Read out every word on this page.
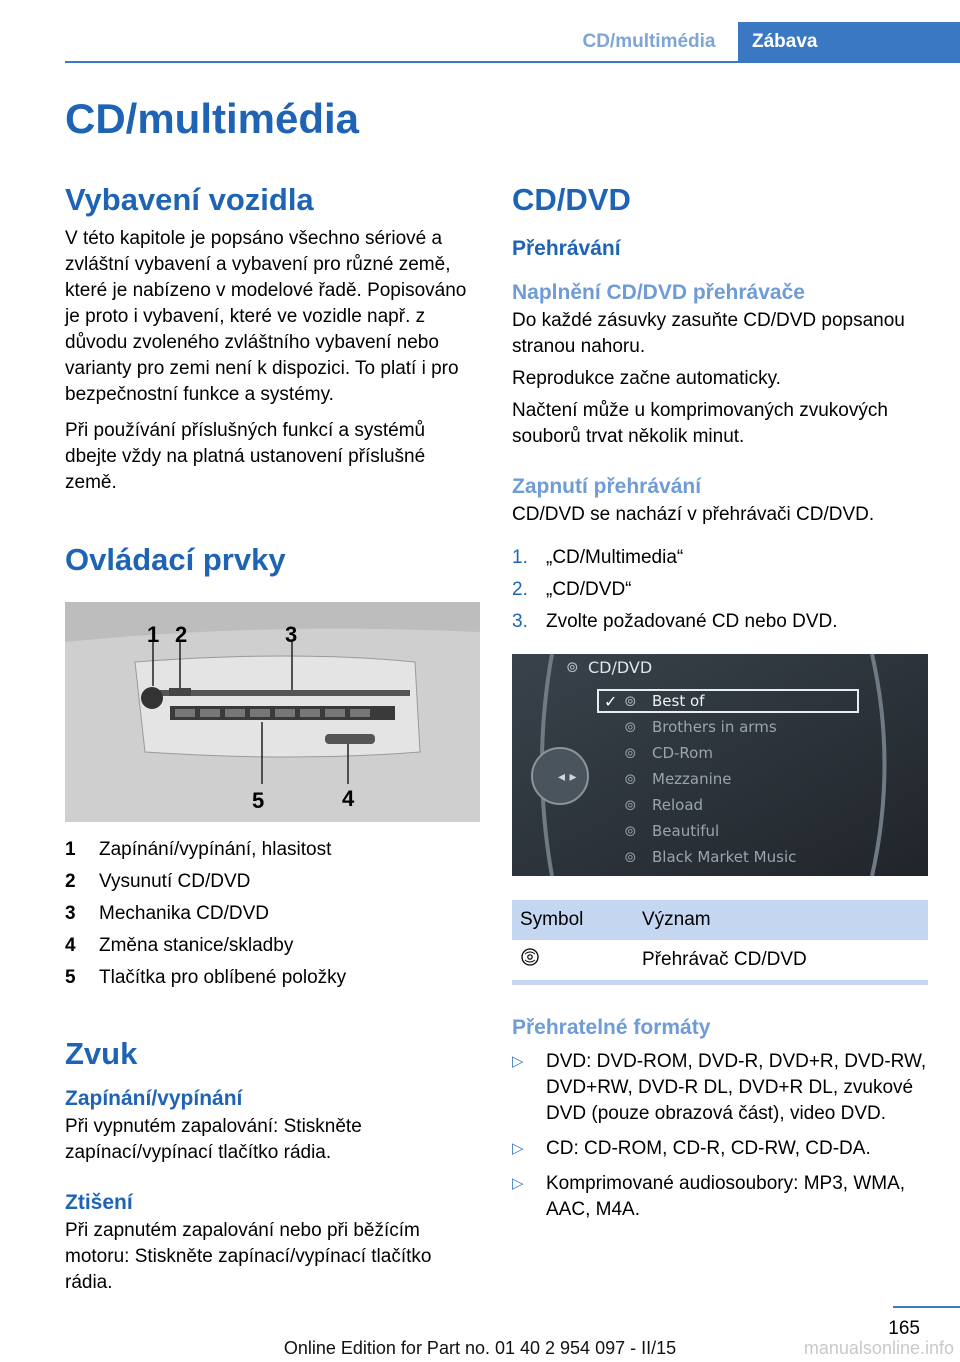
CD/multimédia	Zábava
CD/multimédia
Vybavení vozidla

V této kapitole je popsáno všechno sériové a zvláštní vybavení a vybavení pro různé země, které je nabízeno v modelové řadě. Popisováno je proto i vybavení, které ve vozidle např. z důvodu zvoleného zvláštního vybavení nebo varianty pro zemi není k dispozici. To platí i pro bezpečnostní funkce a systémy.

Při používání příslušných funkcí a systémů dbejte vždy na platná ustanovení příslušné země.

Ovládací prvky
1 2	3
4
5
1	Zapínání/vypínání, hlasitost
2	Vysunutí CD/DVD
3	Mechanika CD/DVD
4	Změna stanice/skladby
5	Tlačítka pro oblíbené položky
Zvuk
Zapínání/vypínání

Při vypnutém zapalování: Stiskněte zapínací/vypínací tlačítko rádia.

Ztišení

Při zapnutém zapalování nebo při běžícím motoru: Stiskněte zapínací/vypínací tlačítko rádia.

CD/DVD
Přehrávání
Naplnění CD/DVD přehrávače

Do každé zásuvky zasuňte CD/DVD popsanou stranou nahoru.

Reprodukce začne automaticky.

Načtení může u komprimovaných zvukových souborů trvat několik minut.

Zapnutí přehrávání

CD/DVD se nachází v přehrávači CD/DVD.

1. „CD/Multimedia“
2. „CD/DVD“
3. Zvolte požadované CD nebo DVD.
◂ ▸
⊚ CD/DVD
✓ ⊚ Best of
⊚ Brothers in arms
⊚ CD-Rom
⊚ Mezzanine
⊚ Reload
⊚ Beautiful
⊚ Black Market Music
Symbol	Význam
	Přehrávač CD/DVD
Přehratelné formáty
▷	DVD: DVD-ROM, DVD-R, DVD+R, DVD-RW, DVD+RW, DVD-R DL, DVD+R DL, zvukové DVD (pouze obrazová část), video DVD.
▷	CD: CD-ROM, CD-R, CD-RW, CD-DA.
▷	Komprimované audiosoubory: MP3, WMA, AAC, M4A.
165
Online Edition for Part no. 01 40 2 954 097 - II/15	manualsonline.info
